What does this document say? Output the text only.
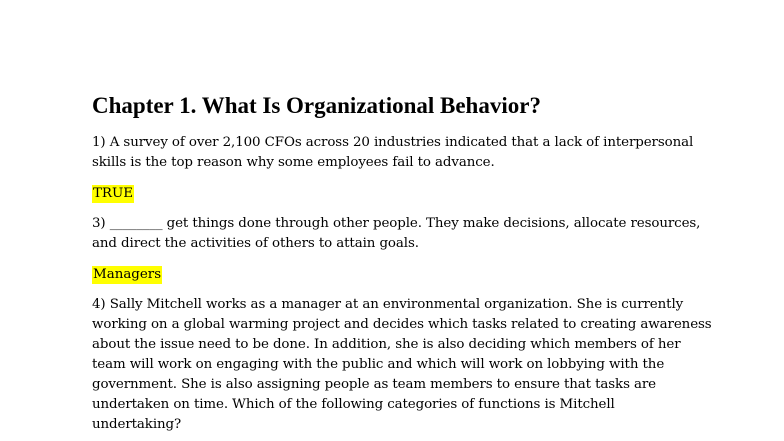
Chapter 1. What Is Organizational Behavior?
1) A survey of over 2,100 CFOs across 20 industries indicated that a lack of interpersonal
skills is the top reason why some employees fail to advance.
TRUE
3) ________ get things done through other people. They make decisions, allocate resources,
and direct the activities of others to attain goals.
Managers
4) Sally Mitchell works as a manager at an environmental organization. She is currently
working on a global warming project and decides which tasks related to creating awareness
about the issue need to be done. In addition, she is also deciding which members of her
team will work on engaging with the public and which will work on lobbying with the
government. She is also assigning people as team members to ensure that tasks are
undertaken on time. Which of the following categories of functions is Mitchell
undertaking?
